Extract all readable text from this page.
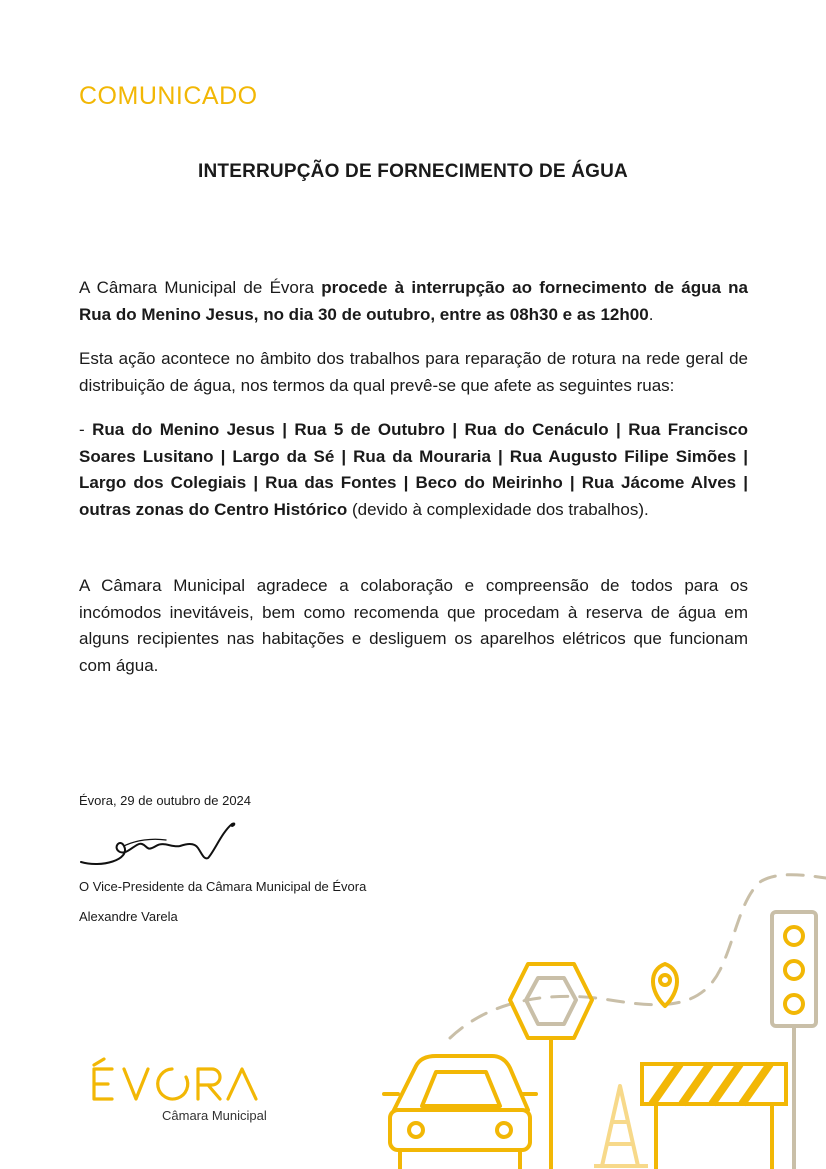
COMUNICADO
INTERRUPÇÃO DE FORNECIMENTO DE ÁGUA

A Câmara Municipal de Évora procede à interrupção ao fornecimento de água na Rua do Menino Jesus, no dia 30 de outubro, entre as 08h30 e as 12h00.

Esta ação acontece no âmbito dos trabalhos para reparação de rotura na rede geral de distribuição de água, nos termos da qual prevê-se que afete as seguintes ruas:

- Rua do Menino Jesus | Rua 5 de Outubro | Rua do Cenáculo | Rua Francisco Soares Lusitano | Largo da Sé | Rua da Mouraria | Rua Augusto Filipe Simões | Largo dos Colegiais | Rua das Fontes | Beco do Meirinho | Rua Jácome Alves | outras zonas do Centro Histórico (devido à complexidade dos trabalhos).

A Câmara Municipal agradece a colaboração e compreensão de todos para os incómodos inevitáveis, bem como recomenda que procedam à reserva de água em alguns recipientes nas habitações e desliguem os aparelhos elétricos que funcionam com água.

Évora, 29 de outubro de 2024
O Vice-Presidente da Câmara Municipal de Évora
Alexandre Varela
Câmara Municipal
